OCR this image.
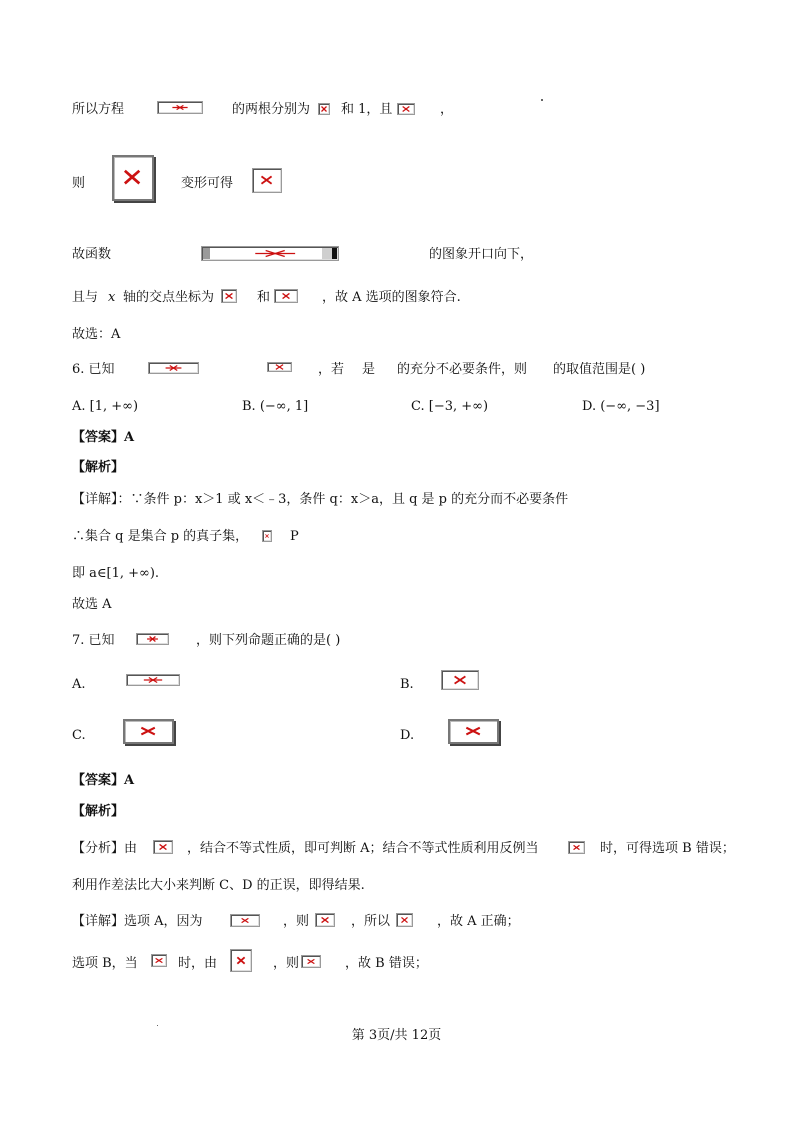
所以方程	的两根分别为 和 1，且	，
则	变形可得
故函数	的图象开口向下，
且与 x 轴的交点坐标为	和	，故 A 选项的图象符合.
故选：A
6. 已知	，若 是 的充分不必要条件，则 的取值范围是( )
A. [1, +∞)	B. (−∞, 1]	C. [−3, +∞)	D. (−∞, −3]
【答案】A
【解析】
【详解】：∵条件 p：x＞1 或 x＜﹣3，条件 q：x＞a，且 q 是 p 的充分而不必要条件
∴集合 q 是集合 p 的真子集，	P
即 a∈[1, +∞).
故选 A
7. 已知	，则下列命题正确的是( )
A.	B.
C.	D.
【答案】A
【解析】
【分析】由	，结合不等式性质，即可判断 A；结合不等式性质利用反例当	时，可得选项 B 错误；
利用作差法比大小来判断 C、D 的正误，即得结果.
【详解】选项 A，因为	，则	，所以	，故 A 正确；
选项 B，当	时，由	，则	，故 B 错误；
第 3页/共 12页
